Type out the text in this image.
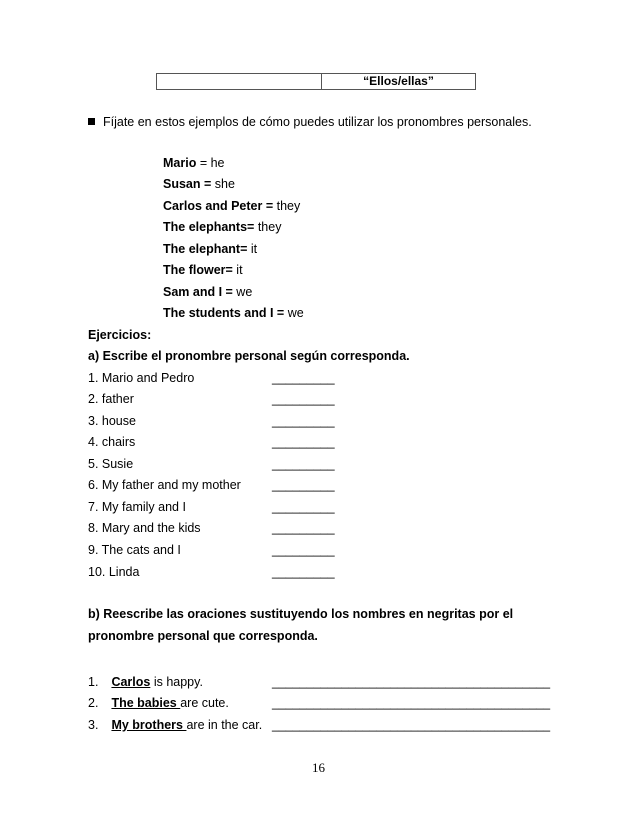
“Ellos/ellas”
Fíjate en estos ejemplos de cómo puedes utilizar los pronombres personales.
Mario = he
Susan = she
Carlos and Peter = they
The elephants= they
The elephant= it
The flower= it
Sam and I = we
The students and I = we
Ejercicios:
a) Escribe el pronombre personal según corresponda.
1. Mario and Pedro	_________
2. father	_________
3. house	_________
4. chairs	_________
5. Susie	_________
6. My father and my mother _________
7. My family and I	_________
8. Mary and the kids	_________
9. The cats and I	_________
10. Linda	_________
b) Reescribe las oraciones sustituyendo los nombres en negritas por el
pronombre personal que corresponda.
1. Carlos is happy.	________________________________________
2. The babies are cute.	________________________________________
3. My brothers are in the car. ________________________________________
16
